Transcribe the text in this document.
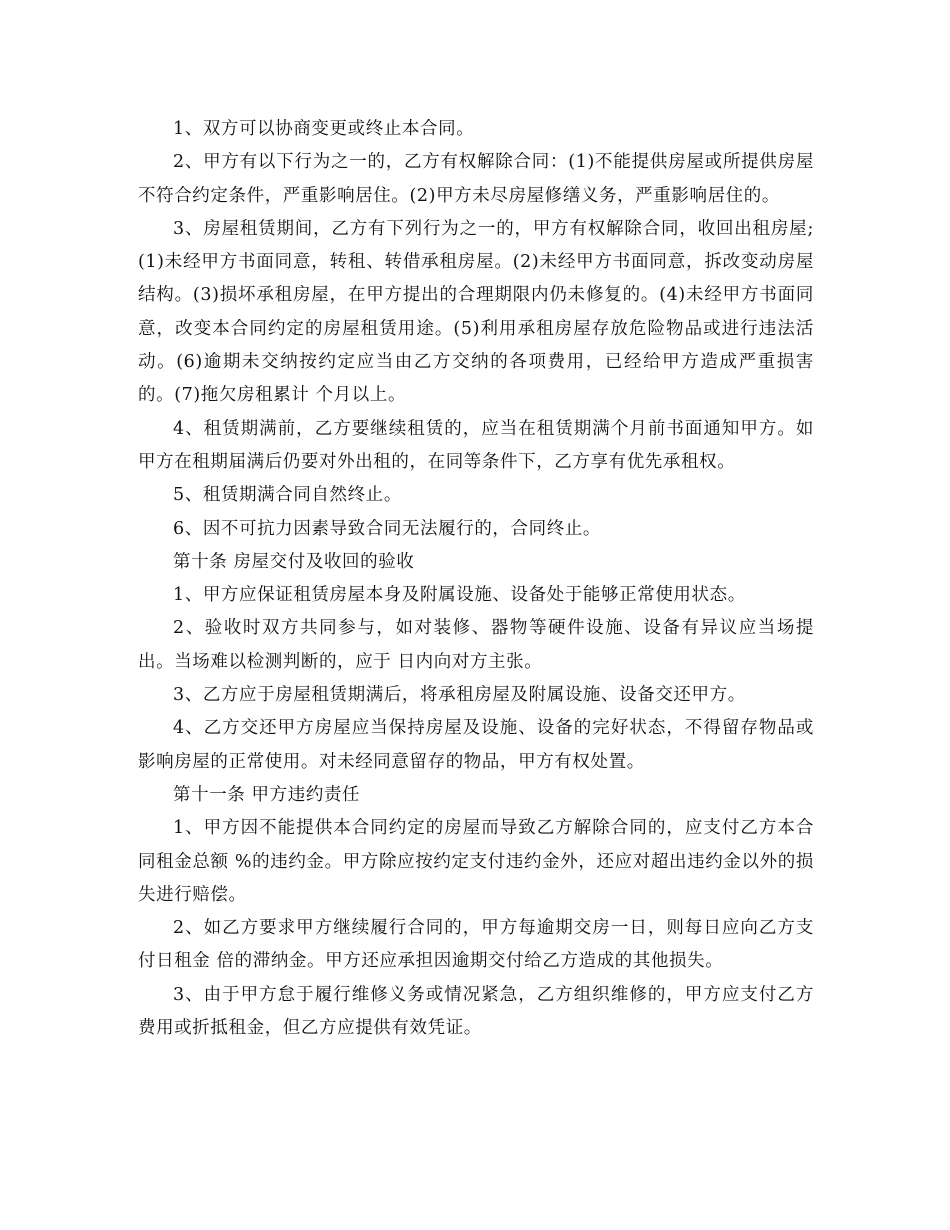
1、双方可以协商变更或终止本合同。

2、甲方有以下行为之一的，乙方有权解除合同：(1)不能提供房屋或所提供房屋不符合约定条件，严重影响居住。(2)甲方未尽房屋修缮义务，严重影响居住的。

3、房屋租赁期间，乙方有下列行为之一的，甲方有权解除合同，收回出租房屋;(1)未经甲方书面同意，转租、转借承租房屋。(2)未经甲方书面同意，拆改变动房屋结构。(3)损坏承租房屋，在甲方提出的合理期限内仍未修复的。(4)未经甲方书面同意，改变本合同约定的房屋租赁用途。(5)利用承租房屋存放危险物品或进行违法活动。(6)逾期未交纳按约定应当由乙方交纳的各项费用，已经给甲方造成严重损害的。(7)拖欠房租累计 个月以上。

4、租赁期满前，乙方要继续租赁的，应当在租赁期满个月前书面通知甲方。如甲方在租期届满后仍要对外出租的，在同等条件下，乙方享有优先承租权。

5、租赁期满合同自然终止。

6、因不可抗力因素导致合同无法履行的，合同终止。

第十条 房屋交付及收回的验收

1、甲方应保证租赁房屋本身及附属设施、设备处于能够正常使用状态。

2、验收时双方共同参与，如对装修、器物等硬件设施、设备有异议应当场提出。当场难以检测判断的，应于 日内向对方主张。

3、乙方应于房屋租赁期满后，将承租房屋及附属设施、设备交还甲方。

4、乙方交还甲方房屋应当保持房屋及设施、设备的完好状态，不得留存物品或影响房屋的正常使用。对未经同意留存的物品，甲方有权处置。

第十一条 甲方违约责任

1、甲方因不能提供本合同约定的房屋而导致乙方解除合同的，应支付乙方本合同租金总额 %的违约金。甲方除应按约定支付违约金外，还应对超出违约金以外的损失进行赔偿。

2、如乙方要求甲方继续履行合同的，甲方每逾期交房一日，则每日应向乙方支付日租金 倍的滞纳金。甲方还应承担因逾期交付给乙方造成的其他损失。

3、由于甲方怠于履行维修义务或情况紧急，乙方组织维修的，甲方应支付乙方费用或折抵租金，但乙方应提供有效凭证。
